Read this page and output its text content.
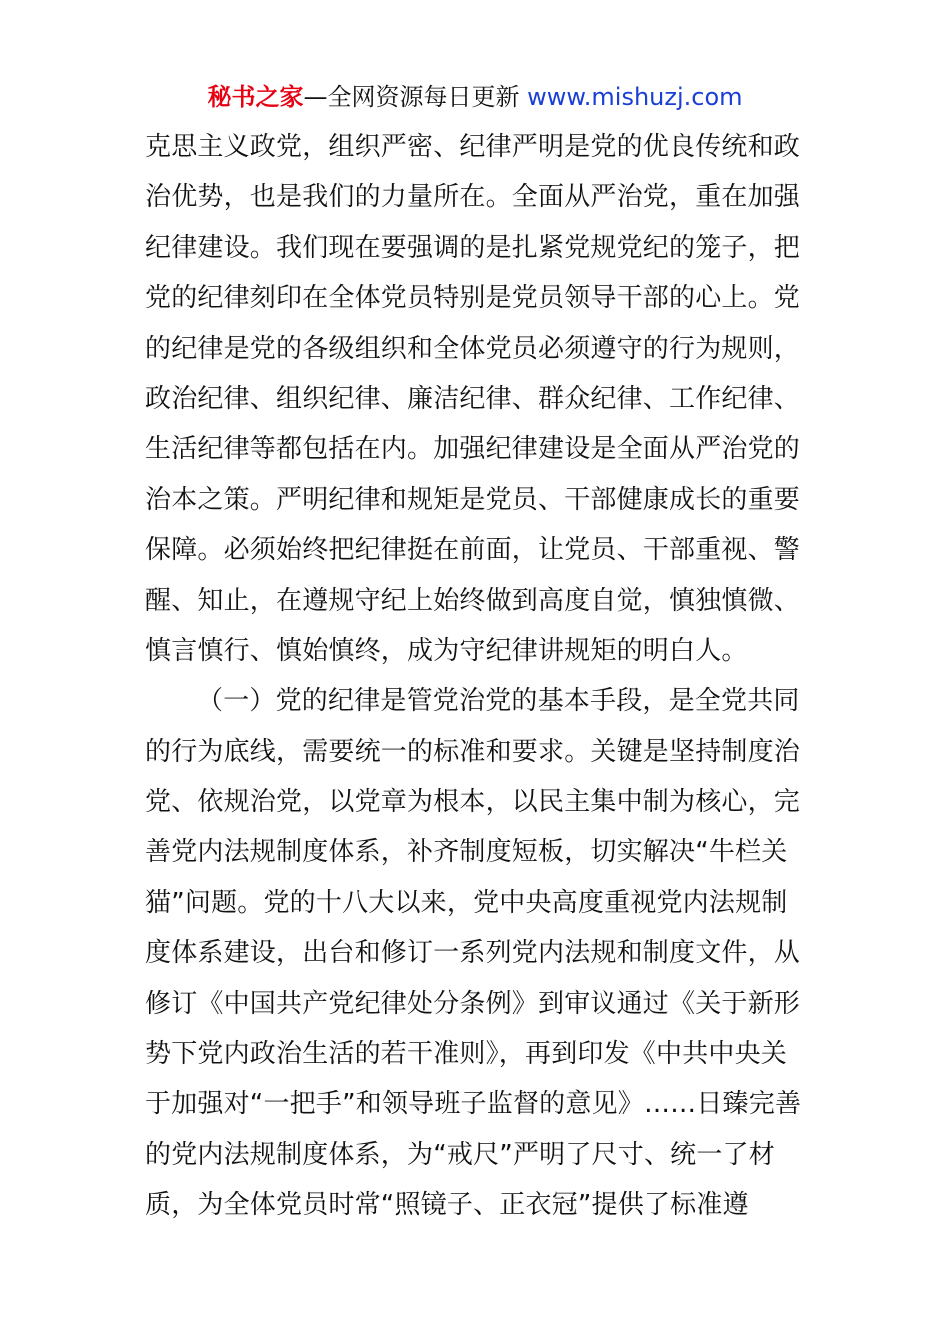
秘书之家—全网资源每日更新 www.mishuzj.com
克思主义政党，组织严密、纪律严明是党的优良传统和政
治优势，也是我们的力量所在。全面从严治党，重在加强
纪律建设。我们现在要强调的是扎紧党规党纪的笼子，把
党的纪律刻印在全体党员特别是党员领导干部的心上。党
的纪律是党的各级组织和全体党员必须遵守的行为规则，
政治纪律、组织纪律、廉洁纪律、群众纪律、工作纪律、
生活纪律等都包括在内。加强纪律建设是全面从严治党的
治本之策。严明纪律和规矩是党员、干部健康成长的重要
保障。必须始终把纪律挺在前面，让党员、干部重视、警
醒、知止，在遵规守纪上始终做到高度自觉，慎独慎微、
慎言慎行、慎始慎终，成为守纪律讲规矩的明白人。
（一）党的纪律是管党治党的基本手段，是全党共同
的行为底线，需要统一的标准和要求。关键是坚持制度治
党、依规治党，以党章为根本，以民主集中制为核心，完
善党内法规制度体系，补齐制度短板，切实解决“牛栏关
猫”问题。党的十八大以来，党中央高度重视党内法规制
度体系建设，出台和修订一系列党内法规和制度文件，从
修订《中国共产党纪律处分条例》到审议通过《关于新形
势下党内政治生活的若干准则》，再到印发《中共中央关
于加强对“一把手”和领导班子监督的意见》……日臻完善
的党内法规制度体系，为“戒尺”严明了尺寸、统一了材
质，为全体党员时常“照镜子、正衣冠”提供了标准遵
